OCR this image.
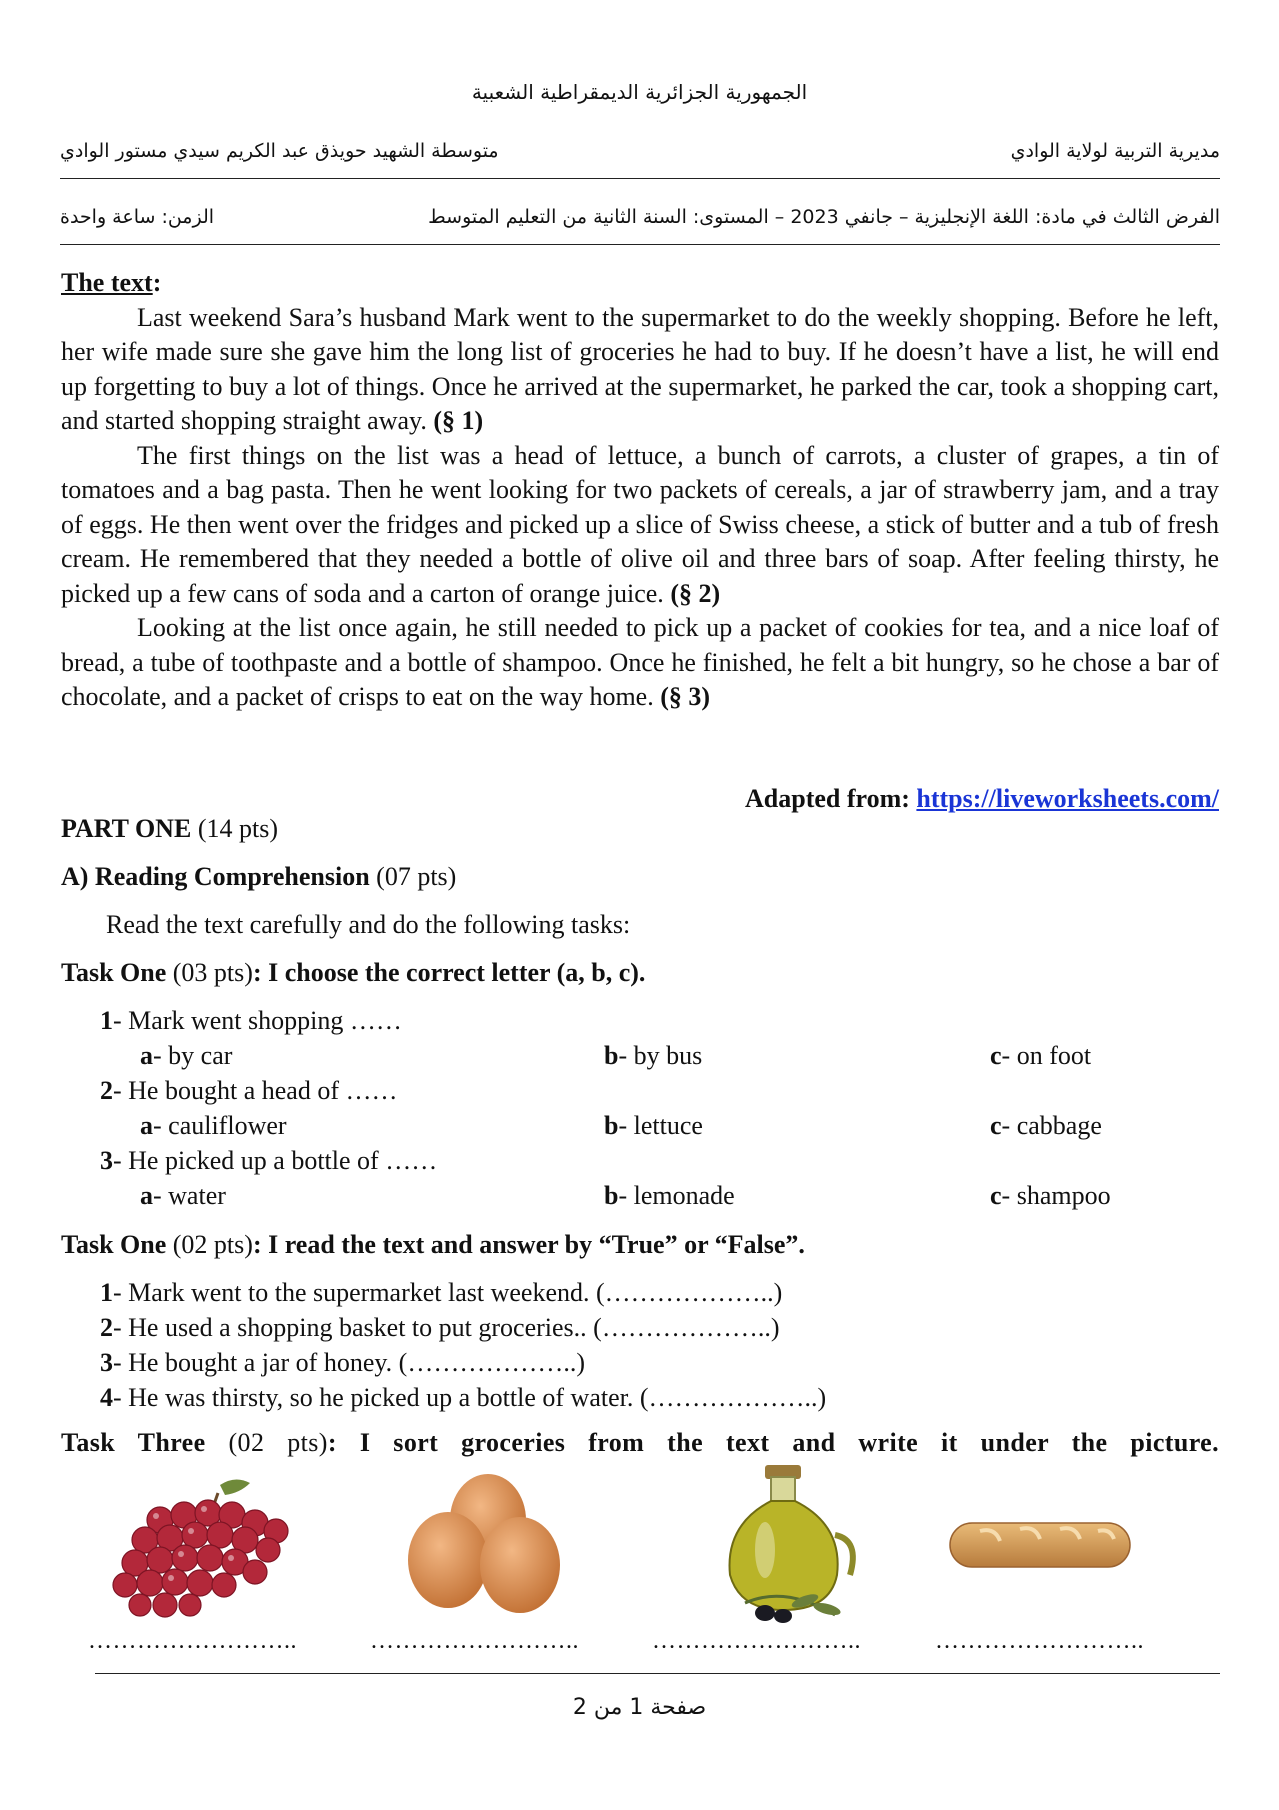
الجمهورية الجزائرية الديمقراطية الشعبية
مديرية التربية لولاية الوادي
متوسطة الشهيد حويذق عبد الكريم سيدي مستور الوادي
الفرض الثالث في مادة: اللغة الإنجليزية – جانفي 2023 – المستوى: السنة الثانية من التعليم المتوسط
الزمن: ساعة واحدة
The text:

Last weekend Sara’s husband Mark went to the supermarket to do the weekly shopping. Before he left, her wife made sure she gave him the long list of groceries he had to buy. If he doesn’t have a list, he will end up forgetting to buy a lot of things. Once he arrived at the supermarket, he parked the car, took a shopping cart, and started shopping straight away. (§ 1)

The first things on the list was a head of lettuce, a bunch of carrots, a cluster of grapes, a tin of tomatoes and a bag pasta. Then he went looking for two packets of cereals, a jar of strawberry jam, and a tray of eggs. He then went over the fridges and picked up a slice of Swiss cheese, a stick of butter and a tub of fresh cream. He remembered that they needed a bottle of olive oil and three bars of soap. After feeling thirsty, he picked up a few cans of soda and a carton of orange juice. (§ 2)

Looking at the list once again, he still needed to pick up a packet of cookies for tea, and a nice loaf of bread, a tube of toothpaste and a bottle of shampoo. Once he finished, he felt a bit hungry, so he chose a bar of chocolate, and a packet of crisps to eat on the way home. (§ 3)

Adapted from: https://liveworksheets.com/
PART ONE (14 pts)
A) Reading Comprehension (07 pts)
Read the text carefully and do the following tasks:
Task One (03 pts): I choose the correct letter (a, b, c).
1- Mark went shopping ……
a- by car	b- by bus	c- on foot
2- He bought a head of ……
a- cauliflower	b- lettuce	c- cabbage
3- He picked up a bottle of ……
a- water	b- lemonade	c- shampoo
Task One (02 pts): I read the text and answer by “True” or “False”.
1- Mark went to the supermarket last weekend. (………………..)
2- He used a shopping basket to put groceries.. (………………..)
3- He bought a jar of honey. (………………..)
4- He was thirsty, so he picked up a bottle of water. (………………..)
Task Three (02 pts): I sort groceries from the text and write it under the picture.
……………………..	……………………..	……………………..	……………………..
صفحة 1 من 2
